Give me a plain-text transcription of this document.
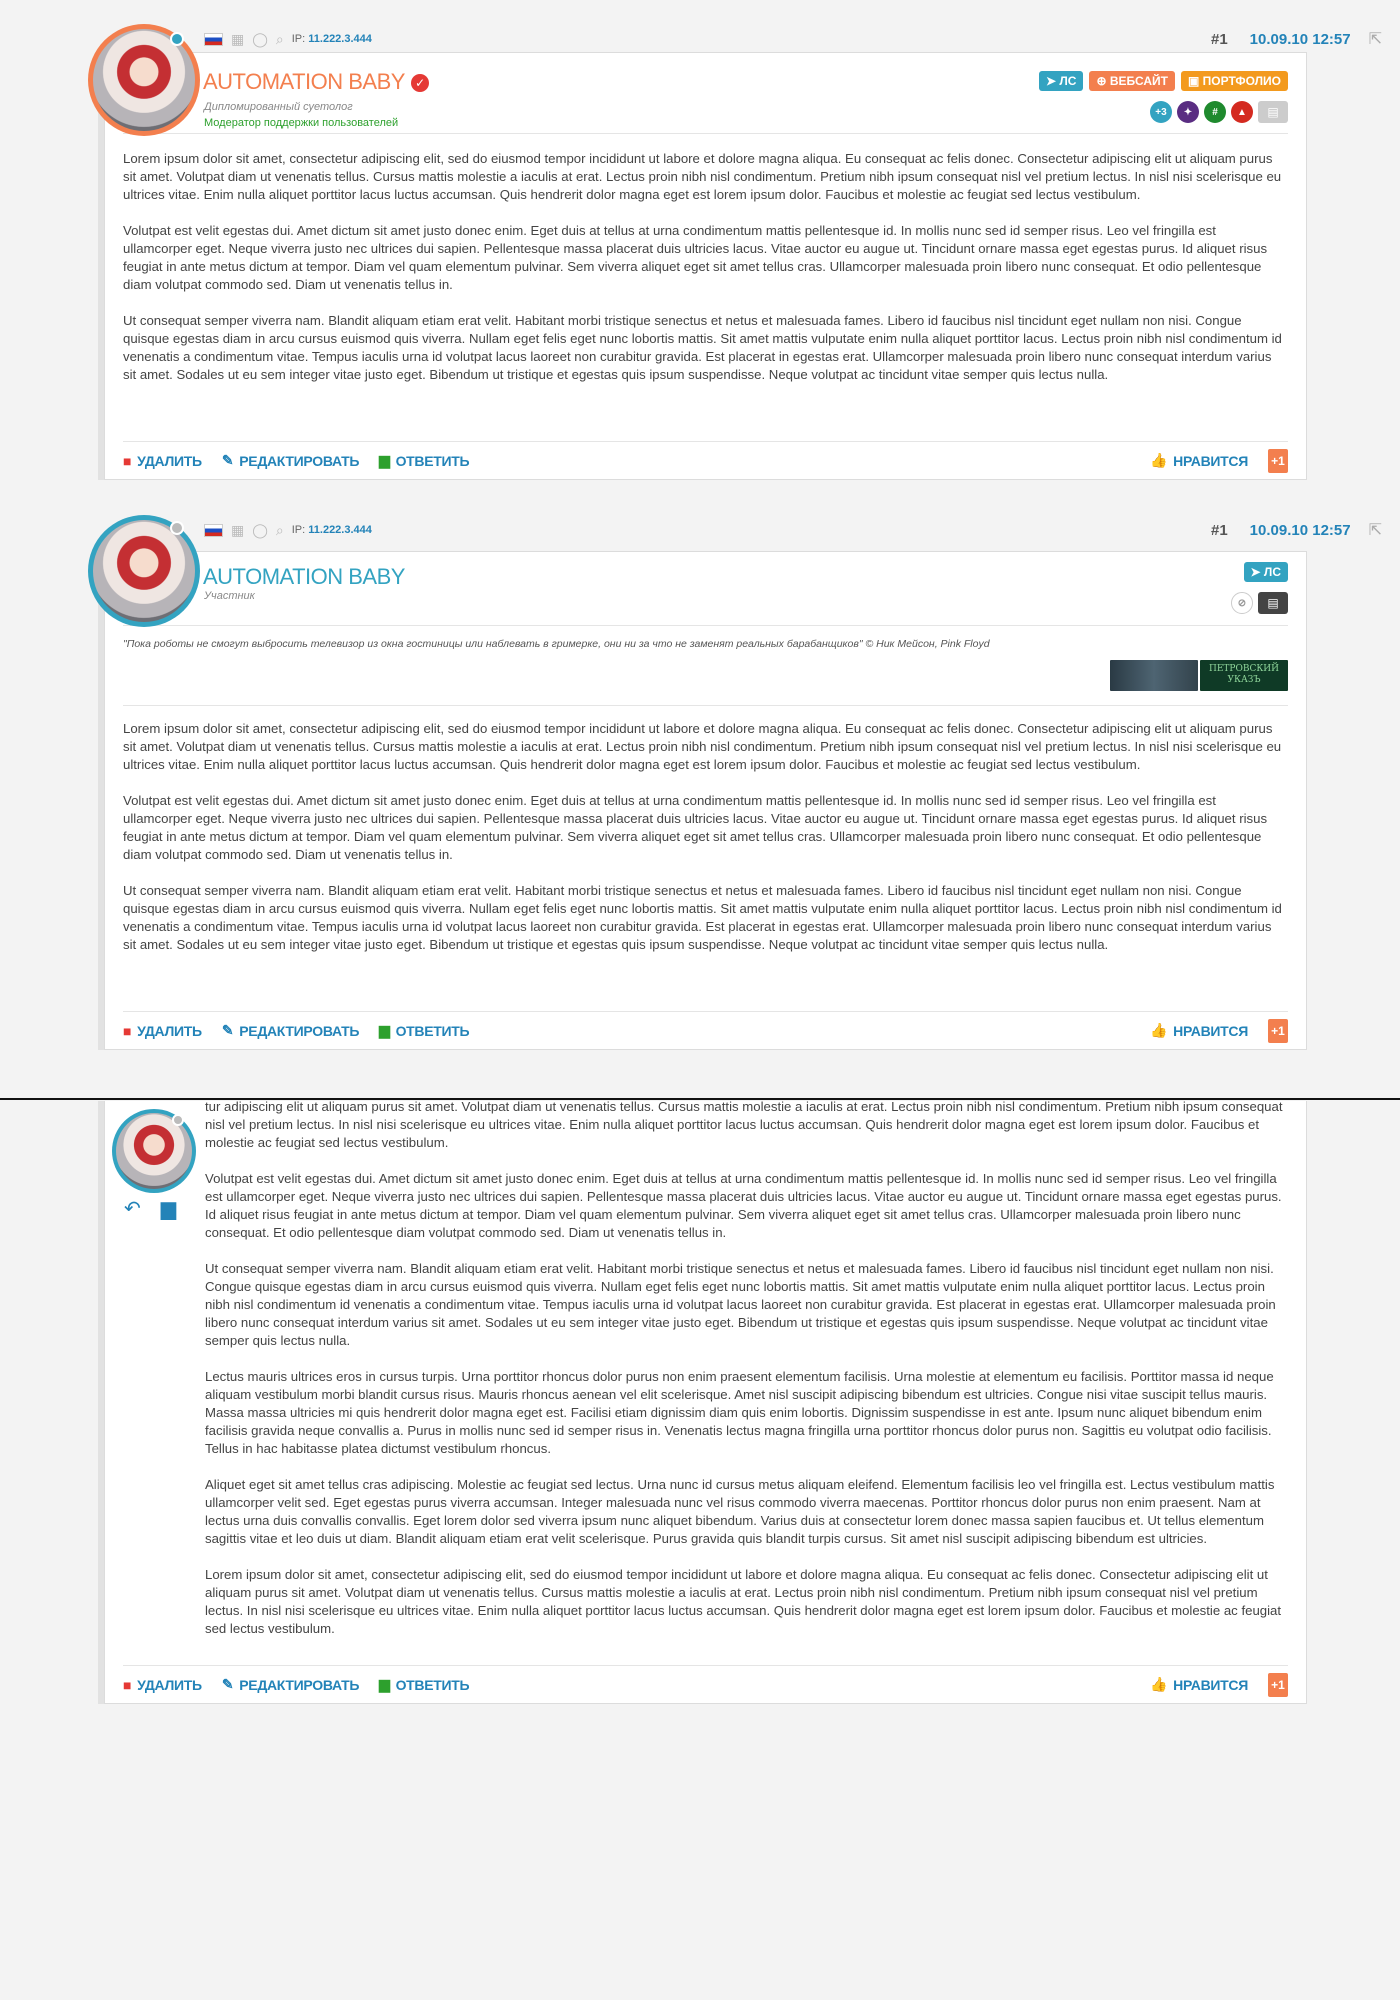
▦ ◯ ⌕ IP: 11.222.3.444	#1 10.09.10 12:57 ⇱
AUTOMATION BABY ✓
Дипломированный суетолог
Модератор поддержки пользователей
➤ ЛС	⊕ ВЕБСАЙТ	▣ ПОРТФОЛИО
+3	✦	#	▲	▤

Lorem ipsum dolor sit amet, consectetur adipiscing elit, sed do eiusmod tempor incididunt ut labore et dolore magna aliqua. Eu consequat ac felis donec. Consectetur adipiscing elit ut aliquam purus sit amet. Volutpat diam ut venenatis tellus. Cursus mattis molestie a iaculis at erat. Lectus proin nibh nisl condimentum. Pretium nibh ipsum consequat nisl vel pretium lectus. In nisl nisi scelerisque eu ultrices vitae. Enim nulla aliquet porttitor lacus luctus accumsan. Quis hendrerit dolor magna eget est lorem ipsum dolor. Faucibus et molestie ac feugiat sed lectus vestibulum.

Volutpat est velit egestas dui. Amet dictum sit amet justo donec enim. Eget duis at tellus at urna condimentum mattis pellentesque id. In mollis nunc sed id semper risus. Leo vel fringilla est ullamcorper eget. Neque viverra justo nec ultrices dui sapien. Pellentesque massa placerat duis ultricies lacus. Vitae auctor eu augue ut. Tincidunt ornare massa eget egestas purus. Id aliquet risus feugiat in ante metus dictum at tempor. Diam vel quam elementum pulvinar. Sem viverra aliquet eget sit amet tellus cras. Ullamcorper malesuada proin libero nunc consequat. Et odio pellentesque diam volutpat commodo sed. Diam ut venenatis tellus in.

Ut consequat semper viverra nam. Blandit aliquam etiam erat velit. Habitant morbi tristique senectus et netus et malesuada fames. Libero id faucibus nisl tincidunt eget nullam non nisi. Congue quisque egestas diam in arcu cursus euismod quis viverra. Nullam eget felis eget nunc lobortis mattis. Sit amet mattis vulputate enim nulla aliquet porttitor lacus. Lectus proin nibh nisl condimentum id venenatis a condimentum vitae. Tempus iaculis urna id volutpat lacus laoreet non curabitur gravida. Est placerat in egestas erat. Ullamcorper malesuada proin libero nunc consequat interdum varius sit amet. Sodales ut eu sem integer vitae justo eget. Bibendum ut tristique et egestas quis ipsum suspendisse. Neque volutpat ac tincidunt vitae semper quis lectus nulla.

■ УДАЛИТЬ ✎ РЕДАКТИРОВАТЬ ▆ ОТВЕТИТЬ	👍 НРАВИТСЯ +1
▦ ◯ ⌕ IP: 11.222.3.444	#1 10.09.10 12:57 ⇱
AUTOMATION BABY
Участник
➤ ЛС
⊘	▤
"Пока роботы не смогут выбросить телевизор из окна гостиницы или наблевать в гримерке, они ни за что не заменят реальных барабанщиков" © Ник Мейсон, Pink Floyd
ПЕТРОВСКИЙ УКАЗЪ

Lorem ipsum dolor sit amet, consectetur adipiscing elit, sed do eiusmod tempor incididunt ut labore et dolore magna aliqua. Eu consequat ac felis donec. Consectetur adipiscing elit ut aliquam purus sit amet. Volutpat diam ut venenatis tellus. Cursus mattis molestie a iaculis at erat. Lectus proin nibh nisl condimentum. Pretium nibh ipsum consequat nisl vel pretium lectus. In nisl nisi scelerisque eu ultrices vitae. Enim nulla aliquet porttitor lacus luctus accumsan. Quis hendrerit dolor magna eget est lorem ipsum dolor. Faucibus et molestie ac feugiat sed lectus vestibulum.

Volutpat est velit egestas dui. Amet dictum sit amet justo donec enim. Eget duis at tellus at urna condimentum mattis pellentesque id. In mollis nunc sed id semper risus. Leo vel fringilla est ullamcorper eget. Neque viverra justo nec ultrices dui sapien. Pellentesque massa placerat duis ultricies lacus. Vitae auctor eu augue ut. Tincidunt ornare massa eget egestas purus. Id aliquet risus feugiat in ante metus dictum at tempor. Diam vel quam elementum pulvinar. Sem viverra aliquet eget sit amet tellus cras. Ullamcorper malesuada proin libero nunc consequat. Et odio pellentesque diam volutpat commodo sed. Diam ut venenatis tellus in.

Ut consequat semper viverra nam. Blandit aliquam etiam erat velit. Habitant morbi tristique senectus et netus et malesuada fames. Libero id faucibus nisl tincidunt eget nullam non nisi. Congue quisque egestas diam in arcu cursus euismod quis viverra. Nullam eget felis eget nunc lobortis mattis. Sit amet mattis vulputate enim nulla aliquet porttitor lacus. Lectus proin nibh nisl condimentum id venenatis a condimentum vitae. Tempus iaculis urna id volutpat lacus laoreet non curabitur gravida. Est placerat in egestas erat. Ullamcorper malesuada proin libero nunc consequat interdum varius sit amet. Sodales ut eu sem integer vitae justo eget. Bibendum ut tristique et egestas quis ipsum suspendisse. Neque volutpat ac tincidunt vitae semper quis lectus nulla.

■ УДАЛИТЬ ✎ РЕДАКТИРОВАТЬ ▆ ОТВЕТИТЬ	👍 НРАВИТСЯ +1

tur adipiscing elit ut aliquam purus sit amet. Volutpat diam ut venenatis tellus. Cursus mattis molestie a iaculis at erat. Lectus proin nibh nisl condimentum. Pretium nibh ipsum consequat nisl vel pretium lectus. In nisl nisi scelerisque eu ultrices vitae. Enim nulla aliquet porttitor lacus luctus accumsan. Quis hendrerit dolor magna eget est lorem ipsum dolor. Faucibus et molestie ac feugiat sed lectus vestibulum.

Volutpat est velit egestas dui. Amet dictum sit amet justo donec enim. Eget duis at tellus at urna condimentum mattis pellentesque id. In mollis nunc sed id semper risus. Leo vel fringilla est ullamcorper eget. Neque viverra justo nec ultrices dui sapien. Pellentesque massa placerat duis ultricies lacus. Vitae auctor eu augue ut. Tincidunt ornare massa eget egestas purus. Id aliquet risus feugiat in ante metus dictum at tempor. Diam vel quam elementum pulvinar. Sem viverra aliquet eget sit amet tellus cras. Ullamcorper malesuada proin libero nunc consequat. Et odio pellentesque diam volutpat commodo sed. Diam ut venenatis tellus in.

Ut consequat semper viverra nam. Blandit aliquam etiam erat velit. Habitant morbi tristique senectus et netus et malesuada fames. Libero id faucibus nisl tincidunt eget nullam non nisi. Congue quisque egestas diam in arcu cursus euismod quis viverra. Nullam eget felis eget nunc lobortis mattis. Sit amet mattis vulputate enim nulla aliquet porttitor lacus. Lectus proin nibh nisl condimentum id venenatis a condimentum vitae. Tempus iaculis urna id volutpat lacus laoreet non curabitur gravida. Est placerat in egestas erat. Ullamcorper malesuada proin libero nunc consequat interdum varius sit amet. Sodales ut eu sem integer vitae justo eget. Bibendum ut tristique et egestas quis ipsum suspendisse. Neque volutpat ac tincidunt vitae semper quis lectus nulla.

Lectus mauris ultrices eros in cursus turpis. Urna porttitor rhoncus dolor purus non enim praesent elementum facilisis. Urna molestie at elementum eu facilisis. Porttitor massa id neque aliquam vestibulum morbi blandit cursus risus. Mauris rhoncus aenean vel elit scelerisque. Amet nisl suscipit adipiscing bibendum est ultricies. Congue nisi vitae suscipit tellus mauris. Massa massa ultricies mi quis hendrerit dolor magna eget est. Facilisi etiam dignissim diam quis enim lobortis. Dignissim suspendisse in est ante. Ipsum nunc aliquet bibendum enim facilisis gravida neque convallis a. Purus in mollis nunc sed id semper risus in. Venenatis lectus magna fringilla urna porttitor rhoncus dolor purus non. Sagittis eu volutpat odio facilisis. Tellus in hac habitasse platea dictumst vestibulum rhoncus.

Aliquet eget sit amet tellus cras adipiscing. Molestie ac feugiat sed lectus. Urna nunc id cursus metus aliquam eleifend. Elementum facilisis leo vel fringilla est. Lectus vestibulum mattis ullamcorper velit sed. Eget egestas purus viverra accumsan. Integer malesuada nunc vel risus commodo viverra maecenas. Porttitor rhoncus dolor purus non enim praesent. Nam at lectus urna duis convallis convallis. Eget lorem dolor sed viverra ipsum nunc aliquet bibendum. Varius duis at consectetur lorem donec massa sapien faucibus et. Ut tellus elementum sagittis vitae et leo duis ut diam. Blandit aliquam etiam erat velit scelerisque. Purus gravida quis blandit turpis cursus. Sit amet nisl suscipit adipiscing bibendum est ultricies.

Lorem ipsum dolor sit amet, consectetur adipiscing elit, sed do eiusmod tempor incididunt ut labore et dolore magna aliqua. Eu consequat ac felis donec. Consectetur adipiscing elit ut aliquam purus sit amet. Volutpat diam ut venenatis tellus. Cursus mattis molestie a iaculis at erat. Lectus proin nibh nisl condimentum. Pretium nibh ipsum consequat nisl vel pretium lectus. In nisl nisi scelerisque eu ultrices vitae. Enim nulla aliquet porttitor lacus luctus accumsan. Quis hendrerit dolor magna eget est lorem ipsum dolor. Faucibus et molestie ac feugiat sed lectus vestibulum.

■ УДАЛИТЬ ✎ РЕДАКТИРОВАТЬ ▆ ОТВЕТИТЬ	👍 НРАВИТСЯ +1
↶ ▆
